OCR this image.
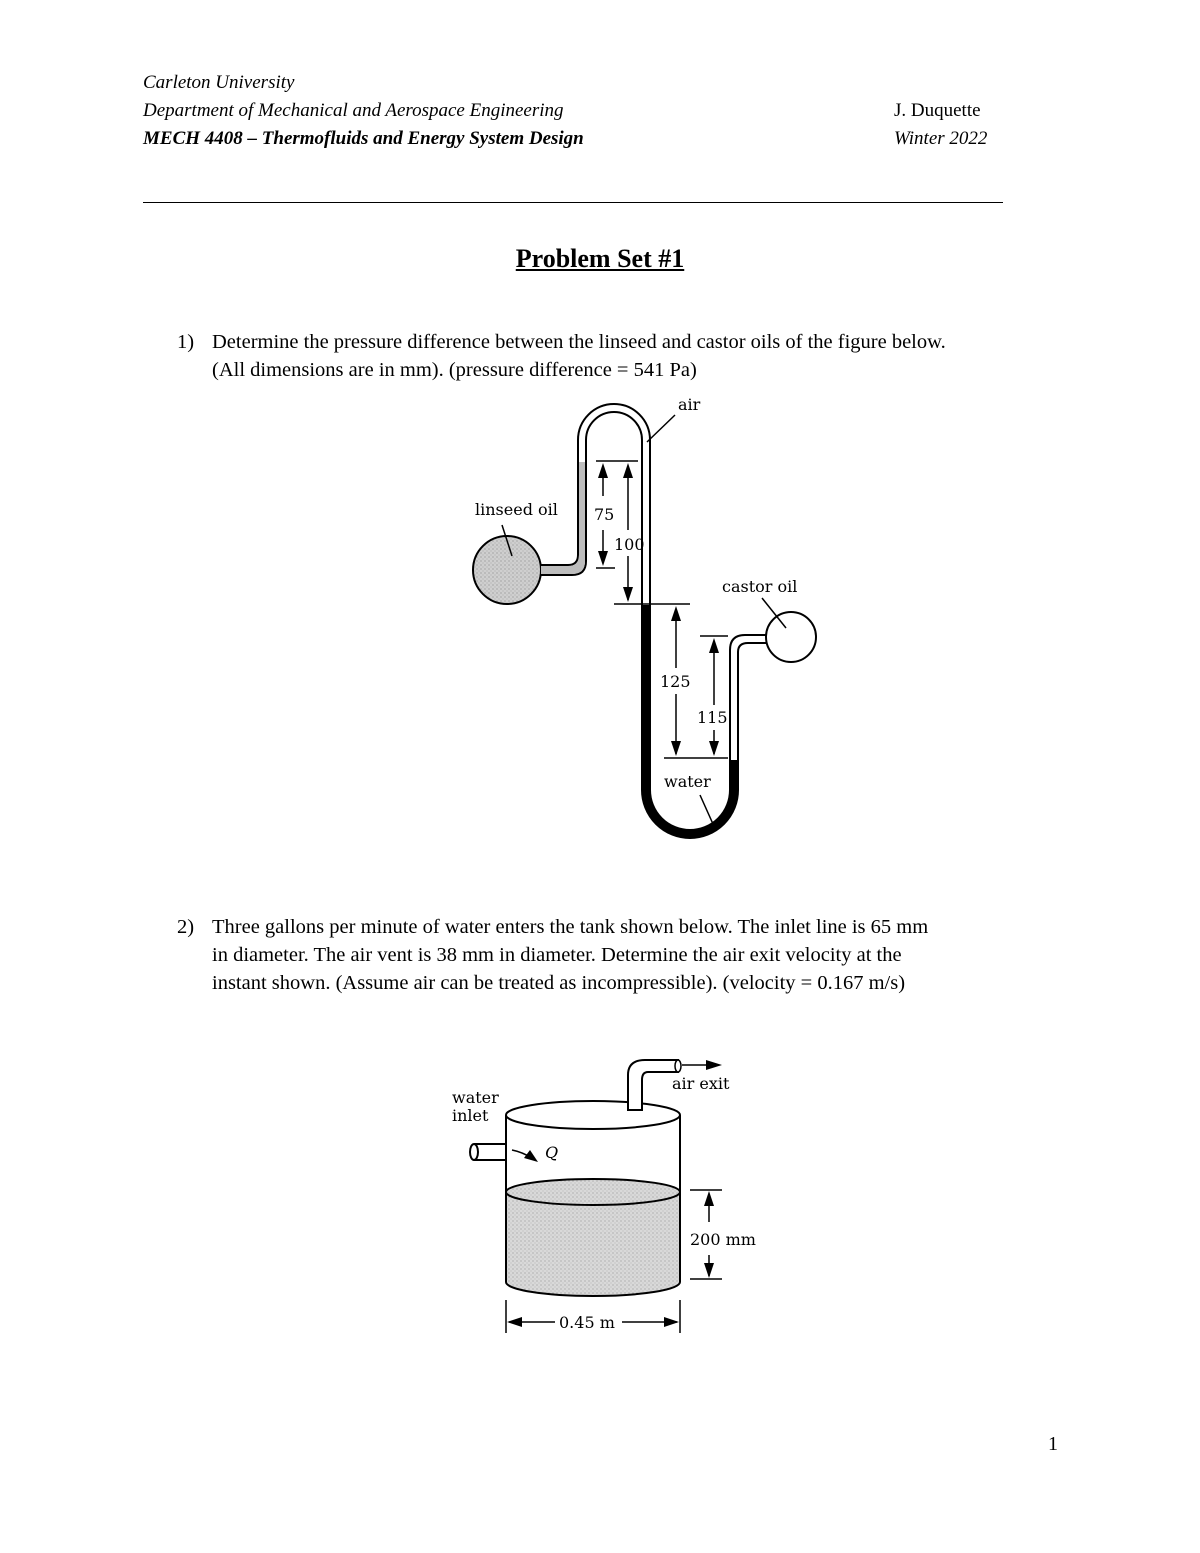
Carleton University
Department of Mechanical and Aerospace Engineering
MECH 4408 – Thermofluids and Energy System Design
J. Duquette
Winter 2022
Problem Set #1
1) Determine the pressure difference between the linseed and castor oils of the figure below.
(All dimensions are in mm). (pressure difference = 541 Pa)
75
100
125
115
air
linseed oil
castor oil
water
2) Three gallons per minute of water enters the tank shown below. The inlet line is 65 mm
in diameter. The air vent is 38 mm in diameter. Determine the air exit velocity at the
instant shown. (Assume air can be treated as incompressible). (velocity = 0.167 m/s)
air exit
Q
water
inlet
200 mm
0.45 m
1
